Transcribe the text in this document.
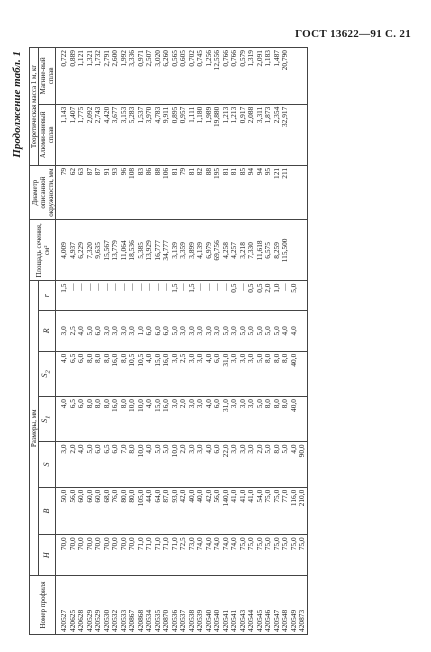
ГОСТ 13622—91 С. 21
Продолжение табл. 1
Номер профиля	Размеры, мм							Площадь сечения, см²	Диаметр описанной окружности, мм	Теоретическая масса 1 м, кг	
	H	B	S	$S_1$	$S_2$	R	r			Алюми-ниевый сплав	Магние-вый сплав

420527	70,0	50,0	3,0	4,0	4,0	3,0	1,5	4,009	79	1,143	0,722
420625	70,0	56,0	2,0	6,5	6,5	2,5	—	4,937	62	1,407	0,889
420628	70,0	60,0	4,0	6,0	6,0	4,0	—	6,229	63	1,775	1,121
420529	70,0	60,0	5,0	8,0	8,0	5,0	—	7,320	87	2,092	1,321
420529	70,0	60,0	6,0	8,0	8,0	6,0	—	9,635	87	2,743	1,732
420530	70,0	68,0	6,5	8,0	8,0	3,0	—	15,567	91	4,420	2,791
420532	70,0	76,0	6,0	16,0	16,0	3,0	—	13,779	93	3,677	2,600
420533	70,0	80,0	7,0	8,0	8,0	3,0	—	11,064	96	3,153	1,992
420867	70,0	80,0	8,0	10,0	10,5	3,0	—	18,536	108	5,283	3,336
420868	71,0	105,0	10,0	10,0	10,5	1,0	—	5,385	83	1,537	0,971
420534	71,0	44,0	4,0	4,0	4,0	6,0	—	13,929	86	3,970	2,507
420535	71,0	64,0	5,0	15,0	15,0	6,0	—	16,777	88	4,783	3,020
420870	71,0	87,0	5,0	16,0	16,0	6,0	—	34,777	106	9,911	6,260
420536	71,0	93,0	10,0	3,0	3,0	5,0	1,5	3,139	81	0,895	0,565
420537	72,5	42,0	2,0	2,0	2,5	3,0	—	3,359	79	0,957	0,605
420538	73,0	40,0	3,0	3,0	3,0	3,0	1,5	3,899	81	1,111	0,702
420539	74,0	40,0	3,0	3,0	3,0	3,0	—	4,139	82	1,180	0,745
420540	74,0	42,0	4,0	4,0	4,0	3,0	—	6,979	88	1,989	1,256
420540	74,0	56,0	6,0	6,0	6,0	3,0	—	69,756	195	19,880	12,556
420541	74,0	140,0	22,0	31,0	31,0	5,0	—	4,258	81	1,213	0,766
420541	74,0	41,0	3,0	3,0	3,0	3,0	0,5	4,257	81	1,213	0,766
420543	75,0	41,0	3,0	3,0	3,0	5,0	—	3,218	85	0,917	0,579
420544	75,0	41,0	3,0	3,0	3,0	5,0	0,5	7,330	94	2,088	1,319
420545	75,0	54,0	2,0	5,0	5,0	5,0	0,5	11,618	94	3,311	2,091
420546	75,0	75,0	5,0	8,0	8,0	5,0	2,0	6,575	95	1,873	1,183
420547	75,0	75,0	8,0	8,0	8,0	5,0	1,0	8,259	121	2,354	1,487
420548	75,0	77,0	5,0	8,0	8,0	4,0	—	115,500	211	32,917	20,790
420549	75,0	116,0	4,0	40,0	40,0	4,0	5,0				
420873	75,0	210,0	90,0								
